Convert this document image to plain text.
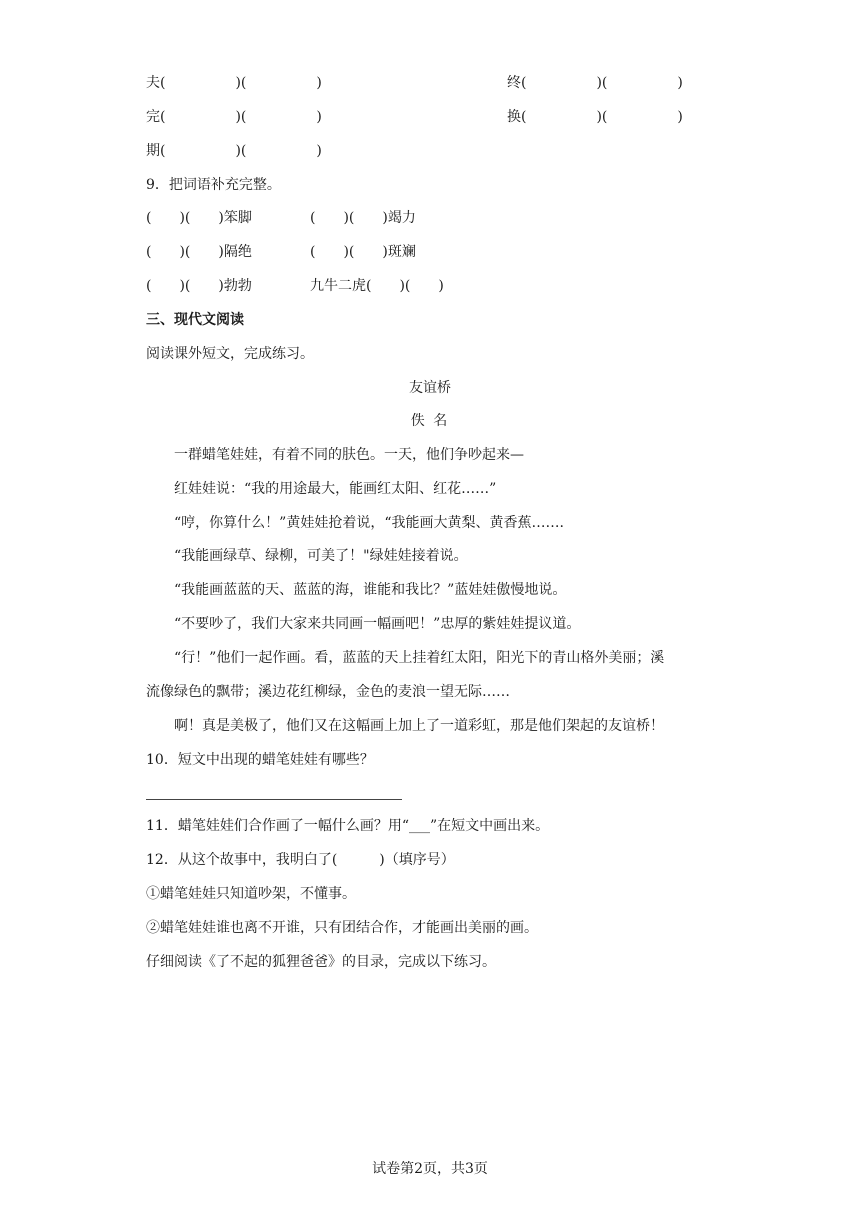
夫(　　　　　)(　　　　　)	终(　　　　　)(　　　　　)
完(　　　　　)(　　　　　)	换(　　　　　)(　　　　　)
期(　　　　　)(　　　　　)
9．把词语补充完整。
(　　)(　　)笨脚	(　　)(　　)竭力
(　　)(　　)隔绝	(　　)(　　)斑斓
(　　)(　　)勃勃	九牛二虎(　　)(　　)
三、现代文阅读
阅读课外短文，完成练习。
友谊桥
佚 名
一群蜡笔娃娃，有着不同的肤色。一天，他们争吵起来—
红娃娃说：“我的用途最大，能画红太阳、红花……”
“哼，你算什么！”黄娃娃抢着说，“我能画大黄梨、黄香蕉…….
“我能画绿草、绿柳，可美了！"绿娃娃接着说。
“我能画蓝蓝的天、蓝蓝的海，谁能和我比？”蓝娃娃傲慢地说。
“不要吵了，我们大家来共同画一幅画吧！”忠厚的紫娃娃提议道。
“行！”他们一起作画。看，蓝蓝的天上挂着红太阳，阳光下的青山格外美丽；溪
流像绿色的飘带；溪边花红柳绿，金色的麦浪一望无际……
啊！真是美极了，他们又在这幅画上加上了一道彩虹，那是他们架起的友谊桥！
10．短文中出现的蜡笔娃娃有哪些？
11．蜡笔娃娃们合作画了一幅什么画？用“___”在短文中画出来。
12．从这个故事中，我明白了(　　　)（填序号）
①蜡笔娃娃只知道吵架，不懂事。
②蜡笔娃娃谁也离不开谁，只有团结合作，才能画出美丽的画。
仔细阅读《了不起的狐狸爸爸》的目录，完成以下练习。
试卷第2页，共3页
